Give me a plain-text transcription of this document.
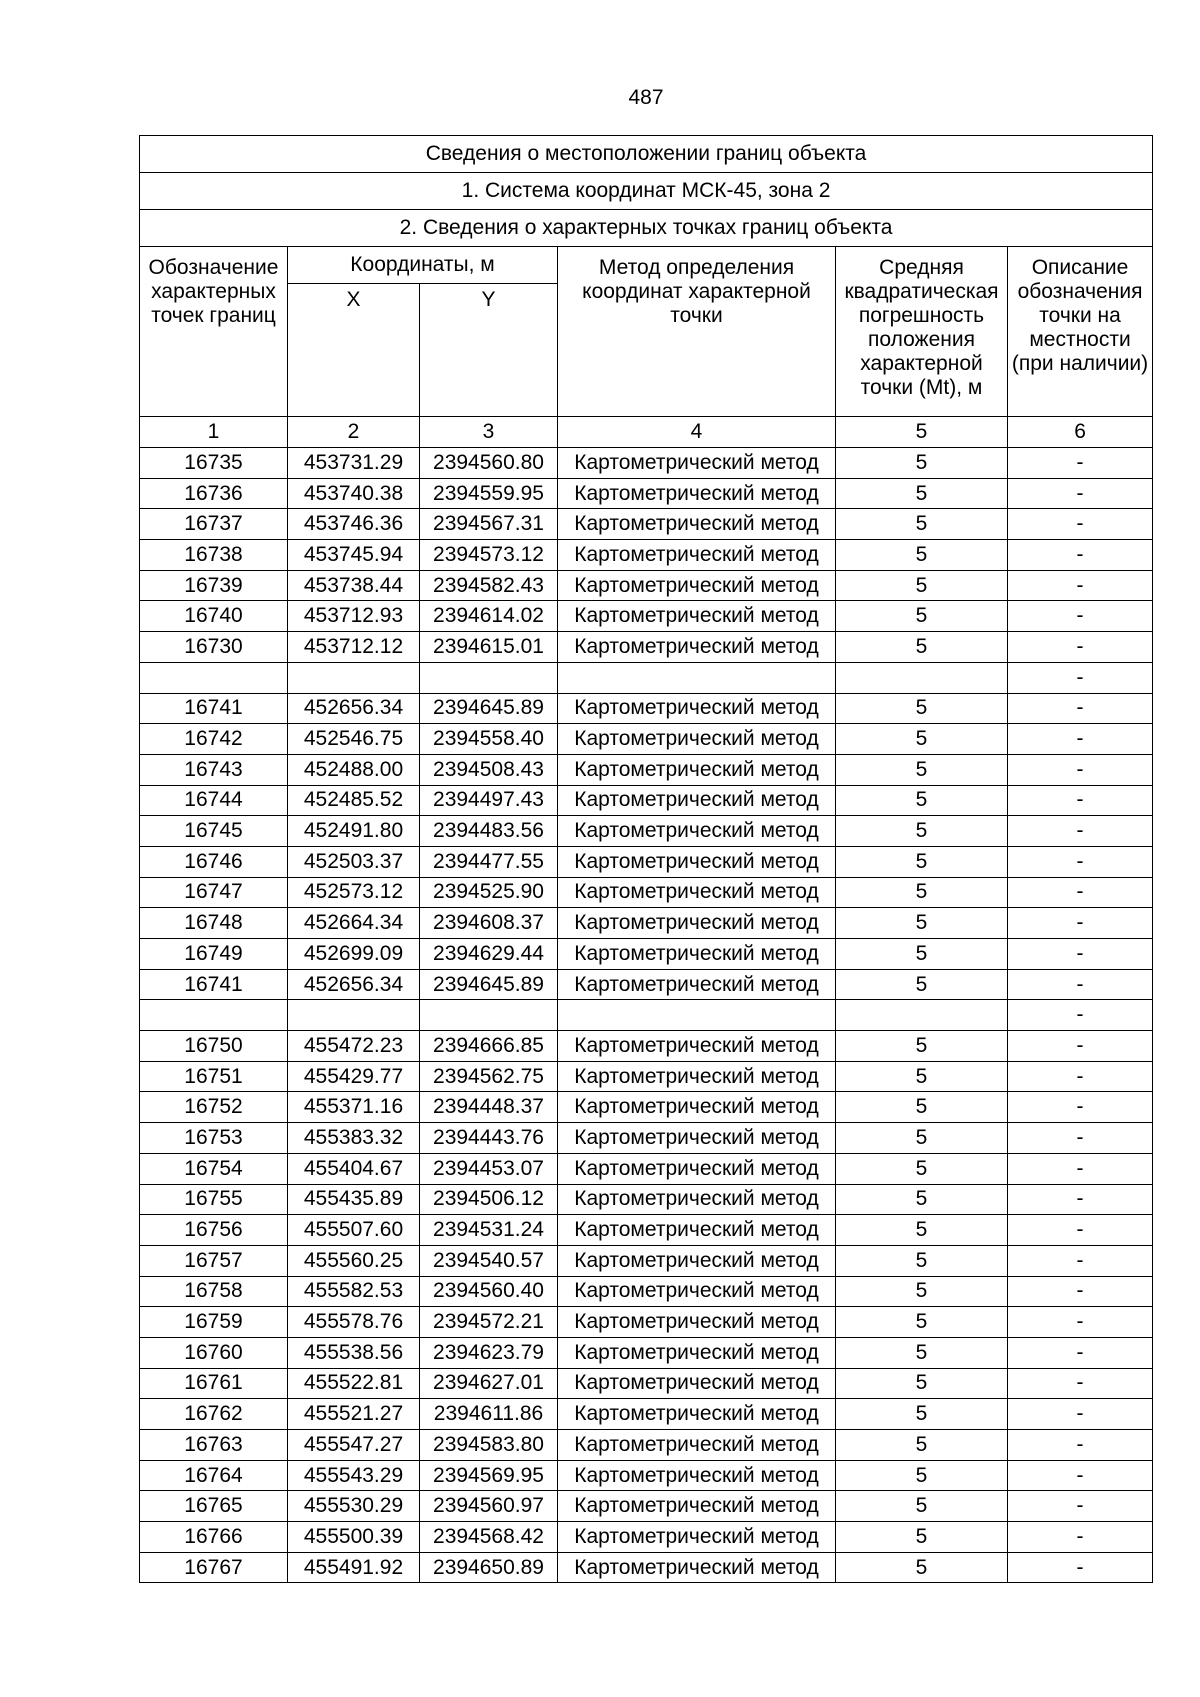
487
Сведения о местоположении границ объекта					
1. Система координат МСК-45, зона 2					
2. Сведения о характерных точках границ объекта					
Обозначение характерных точек границ	Координаты, м		Метод определения координат характерной точки	Средняя квадратическая погрешность положения характерной точки (Mt), м	Описание обозначения точки на местности (при наличии)
	X	Y			
1	2	3	4	5	6
16735	453731.29	2394560.80	Картометрический метод	5	-
16736	453740.38	2394559.95	Картометрический метод	5	-
16737	453746.36	2394567.31	Картометрический метод	5	-
16738	453745.94	2394573.12	Картометрический метод	5	-
16739	453738.44	2394582.43	Картометрический метод	5	-
16740	453712.93	2394614.02	Картометрический метод	5	-
16730	453712.12	2394615.01	Картометрический метод	5	-
					-
16741	452656.34	2394645.89	Картометрический метод	5	-
16742	452546.75	2394558.40	Картометрический метод	5	-
16743	452488.00	2394508.43	Картометрический метод	5	-
16744	452485.52	2394497.43	Картометрический метод	5	-
16745	452491.80	2394483.56	Картометрический метод	5	-
16746	452503.37	2394477.55	Картометрический метод	5	-
16747	452573.12	2394525.90	Картометрический метод	5	-
16748	452664.34	2394608.37	Картометрический метод	5	-
16749	452699.09	2394629.44	Картометрический метод	5	-
16741	452656.34	2394645.89	Картометрический метод	5	-
					-
16750	455472.23	2394666.85	Картометрический метод	5	-
16751	455429.77	2394562.75	Картометрический метод	5	-
16752	455371.16	2394448.37	Картометрический метод	5	-
16753	455383.32	2394443.76	Картометрический метод	5	-
16754	455404.67	2394453.07	Картометрический метод	5	-
16755	455435.89	2394506.12	Картометрический метод	5	-
16756	455507.60	2394531.24	Картометрический метод	5	-
16757	455560.25	2394540.57	Картометрический метод	5	-
16758	455582.53	2394560.40	Картометрический метод	5	-
16759	455578.76	2394572.21	Картометрический метод	5	-
16760	455538.56	2394623.79	Картометрический метод	5	-
16761	455522.81	2394627.01	Картометрический метод	5	-
16762	455521.27	2394611.86	Картометрический метод	5	-
16763	455547.27	2394583.80	Картометрический метод	5	-
16764	455543.29	2394569.95	Картометрический метод	5	-
16765	455530.29	2394560.97	Картометрический метод	5	-
16766	455500.39	2394568.42	Картометрический метод	5	-
16767	455491.92	2394650.89	Картометрический метод	5	-
